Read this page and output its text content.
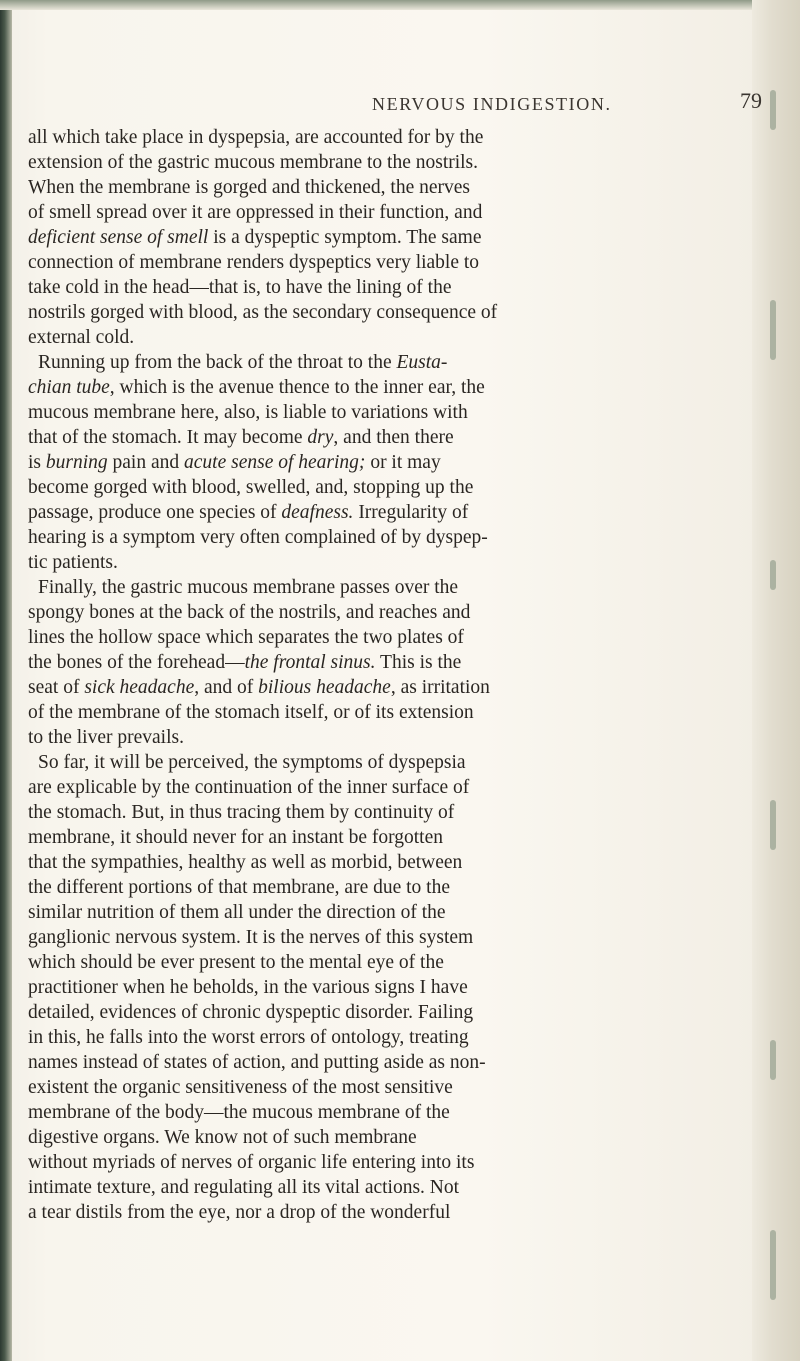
NERVOUS INDIGESTION.	79
all which take place in dyspepsia, are accounted for by the
extension of the gastric mucous membrane to the nostrils.
When the membrane is gorged and thickened, the nerves
of smell spread over it are oppressed in their function, and
deficient sense of smell is a dyspeptic symptom. The same
connection of membrane renders dyspeptics very liable to
take cold in the head—that is, to have the lining of the
nostrils gorged with blood, as the secondary consequence of
external cold.
Running up from the back of the throat to the Eusta-
chian tube, which is the avenue thence to the inner ear, the
mucous membrane here, also, is liable to variations with
that of the stomach. It may become dry, and then there
is burning pain and acute sense of hearing; or it may
become gorged with blood, swelled, and, stopping up the
passage, produce one species of deafness. Irregularity of
hearing is a symptom very often complained of by dyspep-
tic patients.
Finally, the gastric mucous membrane passes over the
spongy bones at the back of the nostrils, and reaches and
lines the hollow space which separates the two plates of
the bones of the forehead—the frontal sinus. This is the
seat of sick headache, and of bilious headache, as irritation
of the membrane of the stomach itself, or of its extension
to the liver prevails.
So far, it will be perceived, the symptoms of dyspepsia
are explicable by the continuation of the inner surface of
the stomach. But, in thus tracing them by continuity of
membrane, it should never for an instant be forgotten
that the sympathies, healthy as well as morbid, between
the different portions of that membrane, are due to the
similar nutrition of them all under the direction of the
ganglionic nervous system. It is the nerves of this system
which should be ever present to the mental eye of the
practitioner when he beholds, in the various signs I have
detailed, evidences of chronic dyspeptic disorder. Failing
in this, he falls into the worst errors of ontology, treating
names instead of states of action, and putting aside as non-
existent the organic sensitiveness of the most sensitive
membrane of the body—the mucous membrane of the
digestive organs. We know not of such membrane
without myriads of nerves of organic life entering into its
intimate texture, and regulating all its vital actions. Not
a tear distils from the eye, nor a drop of the wonderful
